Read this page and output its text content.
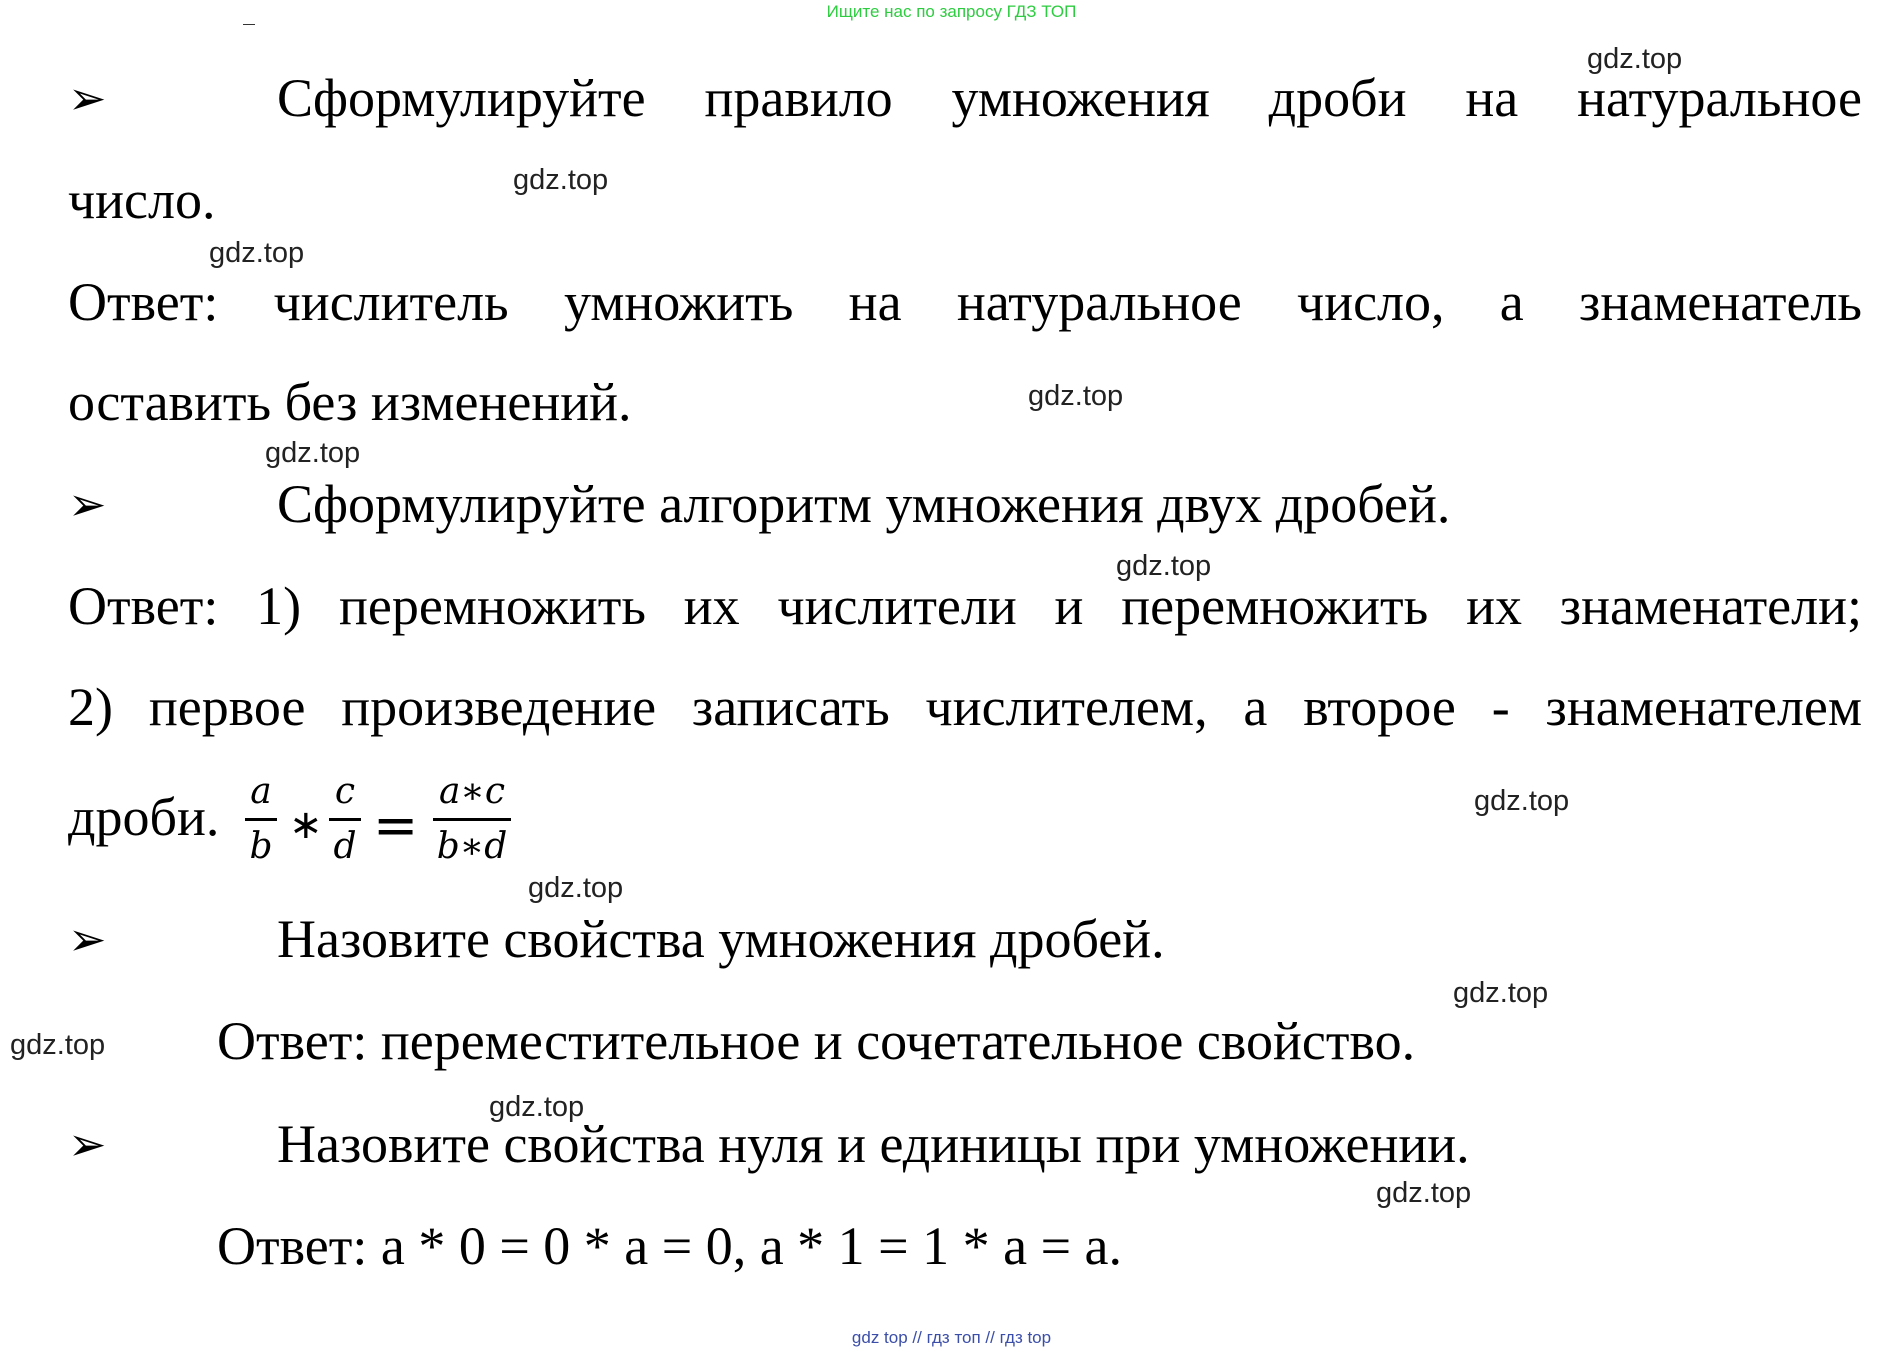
Ищите нас по запросу ГДЗ ТОП
➢	Сформулируйте правило умножения дроби на натуральное
число.
Ответ: числитель умножить на натуральное число, а знаменатель
оставить без изменений.
➢	Сформулируйте алгоритм умножения двух дробей.
Ответ: 1) перемножить их числители и перемножить их знаменатели;
2) первое произведение записать числителем, а второе - знаменателем
дроби. a
b ∗
c
d =
a∗c
b∗d
➢	Назовите свойства умножения дробей.
Ответ: переместительное и сочетательное свойство.
➢	Назовите свойства нуля и единицы при умножении.
Ответ: a * 0 = 0 * a = 0, a * 1 = 1 * a = a.
gdz.top
gdz.top
gdz.top
gdz.top
gdz.top
gdz.top
gdz.top
gdz.top
gdz.top
gdz.top
gdz.top
gdz.top
gdz top // гдз топ // гдз top
